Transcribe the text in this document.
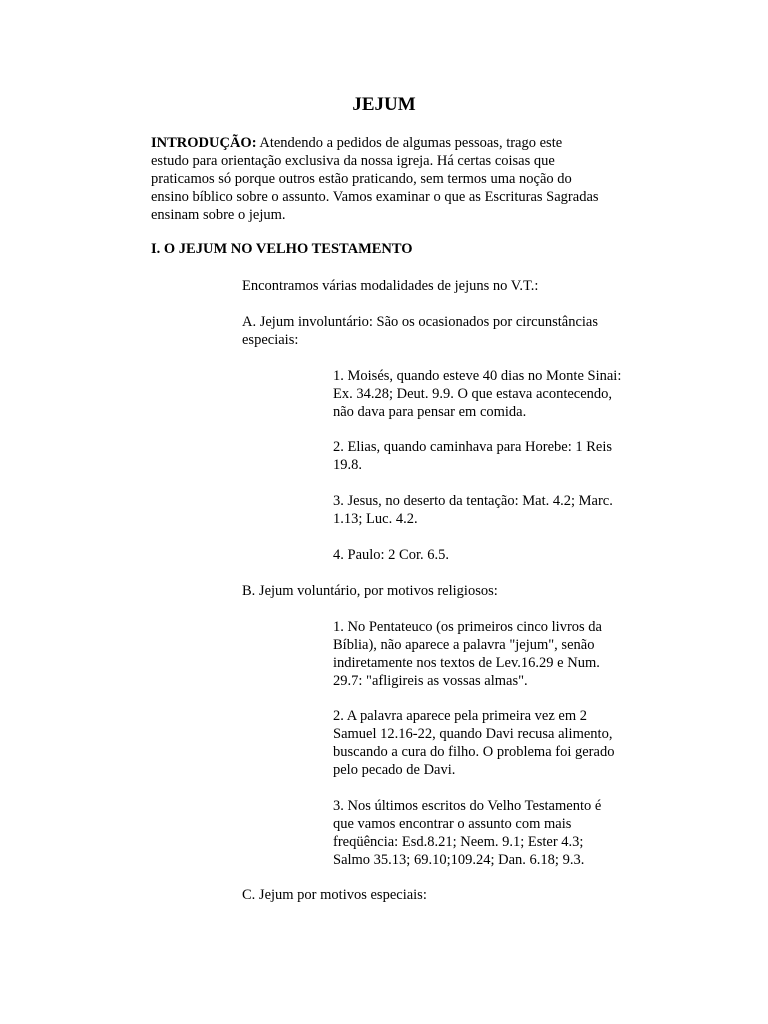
JEJUM

INTRODUÇÃO: Atendendo a pedidos de algumas pessoas, trago este estudo para orientação exclusiva da nossa igreja. Há certas coisas que praticamos só porque outros estão praticando, sem termos uma noção do ensino bíblico sobre o assunto. Vamos examinar o que as Escrituras Sagradas ensinam sobre o jejum.

I. O JEJUM NO VELHO TESTAMENTO

Encontramos várias modalidades de jejuns no V.T.:

A. Jejum involuntário: São os ocasionados por circunstâncias especiais:

1. Moisés, quando esteve 40 dias no Monte Sinai: Ex. 34.28; Deut. 9.9. O que estava acontecendo, não dava para pensar em comida.

2. Elias, quando caminhava para Horebe: 1 Reis 19.8.

3. Jesus, no deserto da tentação: Mat. 4.2; Marc. 1.13; Luc. 4.2.

4. Paulo: 2 Cor. 6.5.

B. Jejum voluntário, por motivos religiosos:

1. No Pentateuco (os primeiros cinco livros da Bíblia), não aparece a palavra "jejum", senão indiretamente nos textos de Lev.16.29 e Num. 29.7: "afligireis as vossas almas".

2. A palavra aparece pela primeira vez em 2 Samuel 12.16-22, quando Davi recusa alimento, buscando a cura do filho. O problema foi gerado pelo pecado de Davi.

3. Nos últimos escritos do Velho Testamento é que vamos encontrar o assunto com mais freqüência: Esd.8.21; Neem. 9.1; Ester 4.3; Salmo 35.13; 69.10;109.24; Dan. 6.18; 9.3.

C. Jejum por motivos especiais:
